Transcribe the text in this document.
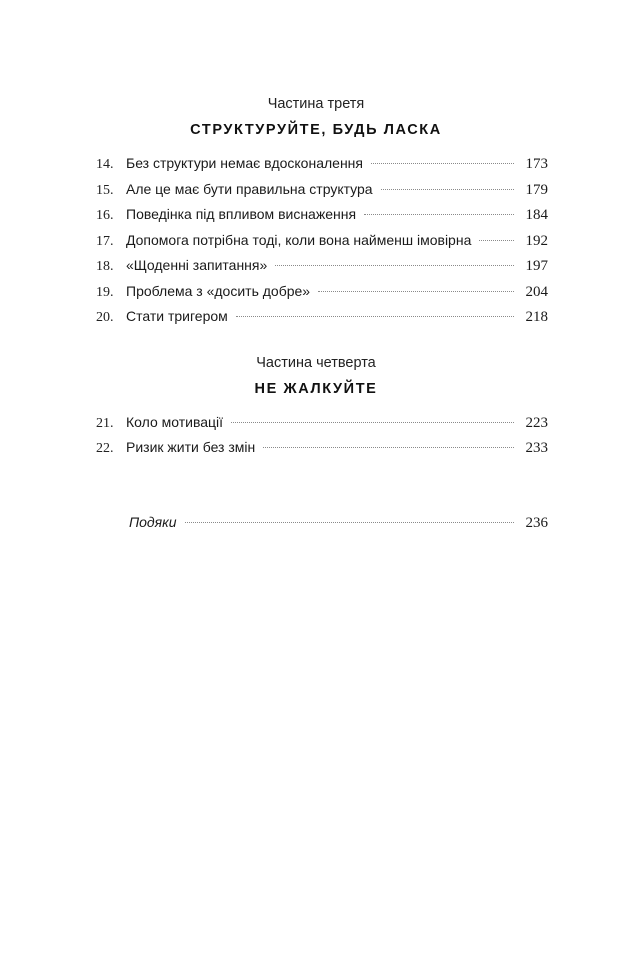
Частина третя
СТРУКТУРУЙТЕ, БУДЬ ЛАСКА
14. Без структури немає вдосконалення	173
15. Але це має бути правильна структура	179
16. Поведінка під впливом виснаження	184
17. Допомога потрібна тоді, коли вона найменш імовірна	192
18. «Щоденні запитання»	197
19. Проблема з «досить добре»	204
20. Стати тригером	218
Частина четверта
НЕ ЖАЛКУЙТЕ
21. Коло мотивації	223
22. Ризик жити без змін	233
Подяки	236
